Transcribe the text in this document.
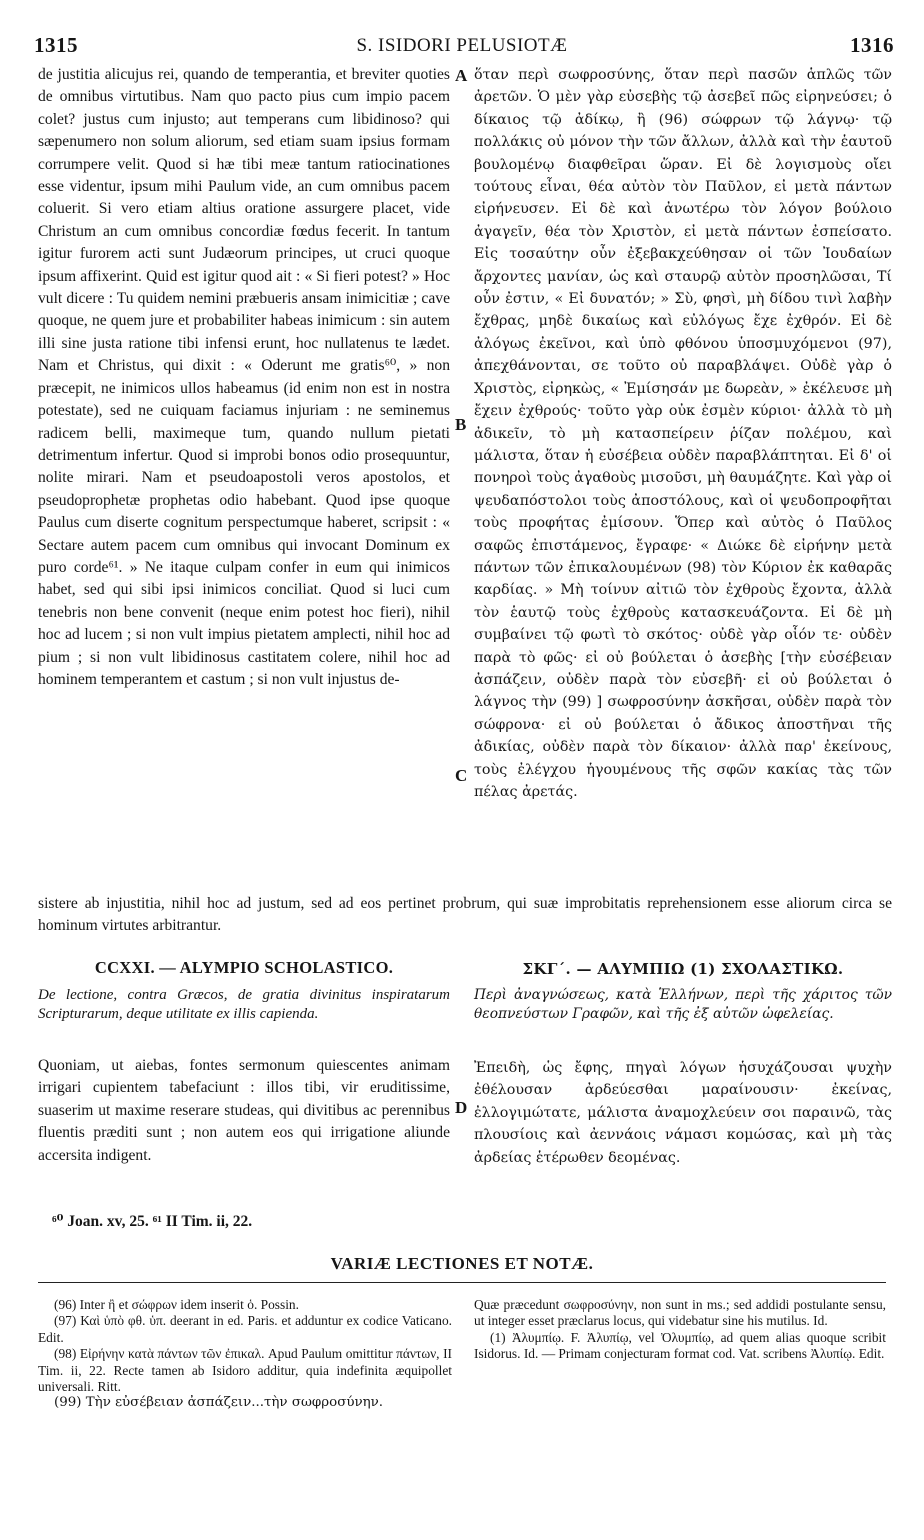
1315	S. ISIDORI PELUSIOTÆ	1316

de justitia alicujus rei, quando de temperantia, et breviter quoties de omnibus virtutibus. Nam quo pacto pius cum impio pacem colet? justus cum injusto; aut temperans cum libidinoso? qui sæpenumero non solum aliorum, sed etiam suam ipsius formam corrumpere velit. Quod si hæ tibi meæ tantum ratiocinationes esse videntur, ipsum mihi Paulum vide, an cum omnibus pacem coluerit. Si vero etiam altius oratione assurgere placet, vide Christum an cum omnibus concordiæ fœdus fecerit. In tantum igitur furorem acti sunt Judæorum principes, ut cruci quoque ipsum affixerint. Quid est igitur quod ait : « Si fieri potest? » Hoc vult dicere : Tu quidem nemini præbueris ansam inimicitiæ ; cave quoque, ne quem jure et probabiliter habeas inimicum : sin autem illi sine justa ratione tibi infensi erunt, hoc nullatenus te lædet. Nam et Christus, qui dixit : « Oderunt me gratis⁶⁰, » non præcepit, ne inimicos ullos habeamus (id enim non est in nostra potestate), sed ne cuiquam faciamus injuriam : ne seminemus radicem belli, maximeque tum, quando nullum pietati detrimentum infertur. Quod si improbi bonos odio prosequuntur, nolite mirari. Nam et pseudoapostoli veros apostolos, et pseudoprophetæ prophetas odio habebant. Quod ipse quoque Paulus cum diserte cognitum perspectumque haberet, scripsit : « Sectare autem pacem cum omnibus qui invocant Dominum ex puro corde⁶¹. » Ne itaque culpam confer in eum qui inimicos habet, sed qui sibi ipsi inimicos conciliat. Quod si luci cum tenebris non bene convenit (neque enim potest hoc fieri), nihil hoc ad lucem ; si non vult impius pietatem amplecti, nihil hoc ad pium ; si non vult libidinosus castitatem colere, nihil hoc ad hominem temperantem et castum ; si non vult injustus de-

ὅταν περὶ σωφροσύνης, ὅταν περὶ πασῶν ἁπλῶς τῶν ἀρετῶν. Ὁ μὲν γὰρ εὐσεβὴς τῷ ἀσεβεῖ πῶς εἰρηνεύσει; ὁ δίκαιος τῷ ἀδίκῳ, ἢ (96) σώφρων τῷ λάγνῳ· τῷ πολλάκις οὐ μόνον τὴν τῶν ἄλλων, ἀλλὰ καὶ τὴν ἑαυτοῦ βουλομένῳ διαφθεῖραι ὥραν. Εἰ δὲ λογισμοὺς οἴει τούτους εἶναι, θέα αὐτὸν τὸν Παῦλον, εἰ μετὰ πάντων εἰρήνευσεν. Εἰ δὲ καὶ ἀνωτέρω τὸν λόγον βούλοιο ἀγαγεῖν, θέα τὸν Χριστὸν, εἰ μετὰ πάντων ἐσπείσατο. Εἰς τοσαύτην οὖν ἐξεβακχεύθησαν οἱ τῶν Ἰουδαίων ἄρχοντες μανίαν, ὡς καὶ σταυρῷ αὐτὸν προσηλῶσαι, Τί οὖν ἐστιν, « Εἰ δυνατόν; » Σὺ, φησὶ, μὴ δίδου τινὶ λαβὴν ἔχθρας, μηδὲ δικαίως καὶ εὐλόγως ἔχε ἐχθρόν. Εἰ δὲ ἀλόγως ἐκεῖνοι, καὶ ὑπὸ φθόνου ὑποσμυχόμενοι (97), ἀπεχθάνονται, σε τοῦτο οὐ παραβλάψει. Οὐδὲ γὰρ ὁ Χριστὸς, εἰρηκὼς, « Ἐμίσησάν με δωρεὰν, » ἐκέλευσε μὴ ἔχειν ἐχθρούς· τοῦτο γὰρ οὐκ ἐσμὲν κύριοι· ἀλλὰ τὸ μὴ ἀδικεῖν, τὸ μὴ κατασπείρειν ῥίζαν πολέμου, καὶ μάλιστα, ὅταν ἡ εὐσέβεια οὐδὲν παραβλάπτηται. Εἰ δ' οἱ πονηροὶ τοὺς ἀγαθοὺς μισοῦσι, μὴ θαυμάζητε. Καὶ γὰρ οἱ ψευδαπόστολοι τοὺς ἀποστόλους, καὶ οἱ ψευδοπροφῆται τοὺς προφήτας ἐμίσουν. Ὅπερ καὶ αὐτὸς ὁ Παῦλος σαφῶς ἐπιστάμενος, ἔγραφε· « Διώκε δὲ εἰρήνην μετὰ πάντων τῶν ἐπικαλουμένων (98) τὸν Κύριον ἐκ καθαρᾶς καρδίας. » Μὴ τοίνυν αἰτιῶ τὸν ἐχθροὺς ἔχοντα, ἀλλὰ τὸν ἑαυτῷ τοὺς ἐχθροὺς κατασκευάζοντα. Εἰ δὲ μὴ συμβαίνει τῷ φωτὶ τὸ σκότος· οὐδὲ γὰρ οἷόν τε· οὐδὲν παρὰ τὸ φῶς· εἰ οὐ βούλεται ὁ ἀσεβὴς [τὴν εὐσέβειαν ἀσπάζειν, οὐδὲν παρὰ τὸν εὐσεβῆ· εἰ οὐ βούλεται ὁ λάγνος τὴν (99) ] σωφροσύνην ἀσκῆσαι, οὐδὲν παρὰ τὸν σώφρονα· εἰ οὐ βούλεται ὁ ἄδικος ἀποστῆναι τῆς ἀδικίας, οὐδὲν παρὰ τὸν δίκαιον· ἀλλὰ παρ' ἐκείνους, τοὺς ἐλέγχου ἡγουμένους τῆς σφῶν κακίας τὰς τῶν πέλας ἀρετάς.

A
B
C
D

sistere ab injustitia, nihil hoc ad justum, sed ad eos pertinet probrum, qui suæ improbitatis reprehensionem esse aliorum circa se hominum virtutes arbitrantur.

CCXXI. — ALYMPIO SCHOLASTICO.
De lectione, contra Græcos, de gratia divinitus inspiratarum Scripturarum, deque utilitate ex illis capienda.
Quoniam, ut aiebas, fontes sermonum quiescentes animam irrigari cupientem tabefaciunt : illos tibi, vir eruditissime, suaserim ut maxime reserare studeas, qui divitibus ac perennibus fluentis præditi sunt ; non autem eos qui irrigatione aliunde accersita indigent.
ΣΚΓ΄. — ΑΛΥΜΠΙΩ (1) ΣΧΟΛΑΣΤΙΚΩ.
Περὶ ἀναγνώσεως, κατὰ Ἑλλήνων, περὶ τῆς χάριτος τῶν θεοπνεύστων Γραφῶν, καὶ τῆς ἐξ αὐτῶν ὠφελείας.
Ἐπειδὴ, ὡς ἔφης, πηγαὶ λόγων ἡσυχάζουσαι ψυχὴν ἐθέλουσαν ἀρδεύεσθαι μαραίνουσιν· ἐκείνας, ἐλλογιμώτατε, μάλιστα ἀναμοχλεύειν σοι παραινῶ, τὰς πλουσίοις καὶ ἀεννάοις νάμασι κομώσας, καὶ μὴ τὰς ἀρδείας ἑτέρωθεν δεομένας.
⁶⁰ Joan. xv, 25. ⁶¹ II Tim. ii, 22.
VARIÆ LECTIONES ET NOTÆ.

(96) Inter ἢ et σώφρων idem inserit ὁ. Possin.

(97) Καὶ ὑπὸ φθ. ὑπ. deerant in ed. Paris. et adduntur ex codice Vaticano. Edit.

(98) Εἰρήνην κατὰ πάντων τῶν ἐπικαλ. Apud Paulum omittitur πάντων, II Tim. ii, 22. Recte tamen ab Isidoro additur, quia indefinita æquipollet universali. Ritt.

(99) Τὴν εὐσέβειαν ἀσπάζειν...τὴν σωφροσύνην.

Quæ præcedunt σωφροσύνην, non sunt in ms.; sed addidi postulante sensu, ut integer esset præclarus locus, qui videbatur sine his mutilus. Id.

(1) Ἀλυμπίῳ. F. Ἀλυπίῳ, vel Ὀλυμπίῳ, ad quem alias quoque scribit Isidorus. Id. — Primam conjecturam format cod. Vat. scribens Ἀλυπίῳ. Edit.
